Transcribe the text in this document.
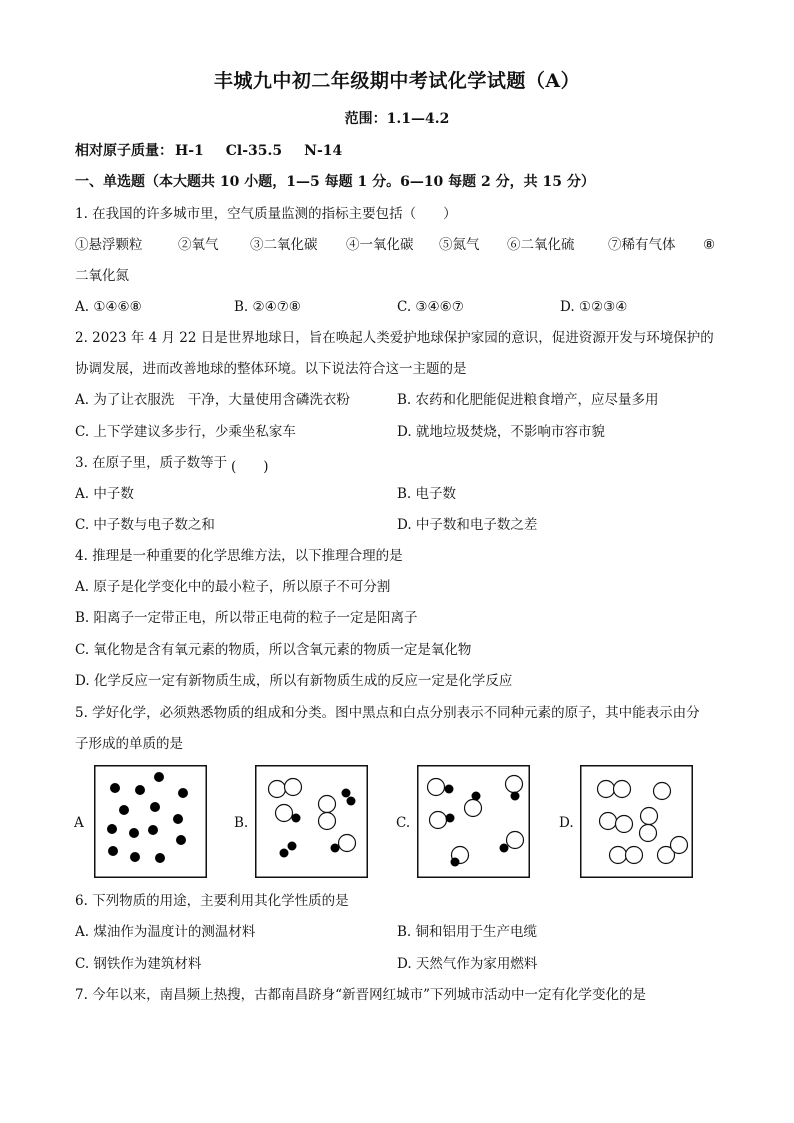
丰城九中初二年级期中考试化学试题（A）
范围：1.1—4.2
相对原子质量： H-1 Cl-35.5 N-14
一、单选题（本大题共 10 小题，1—5 每题 1 分。6—10 每题 2 分，共 15 分）
1. 在我国的许多城市里，空气质量监测的指标主要包括（　　）
①悬浮颗粒	②氧气 ③二氧化碳 ④一氧化碳 ⑤氮气 ⑥二氧化硫 ⑦稀有气体 ⑧
二氧化氮
A. ①④⑥⑧	B. ②④⑦⑧	C. ③④⑥⑦	D. ①②③④
2. 2023 年 4 月 22 日是世界地球日，旨在唤起人类爱护地球保护家园的意识，促进资源开发与环境保护的
协调发展，进而改善地球的整体环境。以下说法符合这一主题的是
A. 为了让衣服洗　干净，大量使用含磷洗衣粉	B. 农药和化肥能促进粮食增产，应尽量多用
C. 上下学建议多步行，少乘坐私家车	D. 就地垃圾焚烧，不影响市容市貌
3. 在原子里，质子数等于 (　　)
A. 中子数	B. 电子数
C. 中子数与电子数之和	D. 中子数和电子数之差
4. 推理是一种重要的化学思维方法，以下推理合理的是
A. 原子是化学变化中的最小粒子，所以原子不可分割
B. 阳离子一定带正电，所以带正电荷的粒子一定是阳离子
C. 氧化物是含有氧元素的物质，所以含氧元素的物质一定是氧化物
D. 化学反应一定有新物质生成，所以有新物质生成的反应一定是化学反应
5. 学好化学，必须熟悉物质的组成和分类。图中黑点和白点分别表示不同种元素的原子，其中能表示由分
子形成的单质的是
A	B.	C.	D.
6. 下列物质的用途，主要利用其化学性质的是
A. 煤油作为温度计的测温材料	B. 铜和铝用于生产电缆
C. 钢铁作为建筑材料	D. 天然气作为家用燃料
7. 今年以来，南昌频上热搜，古都南昌跻身“新晋网红城市”下列城市活动中一定有化学变化的是
